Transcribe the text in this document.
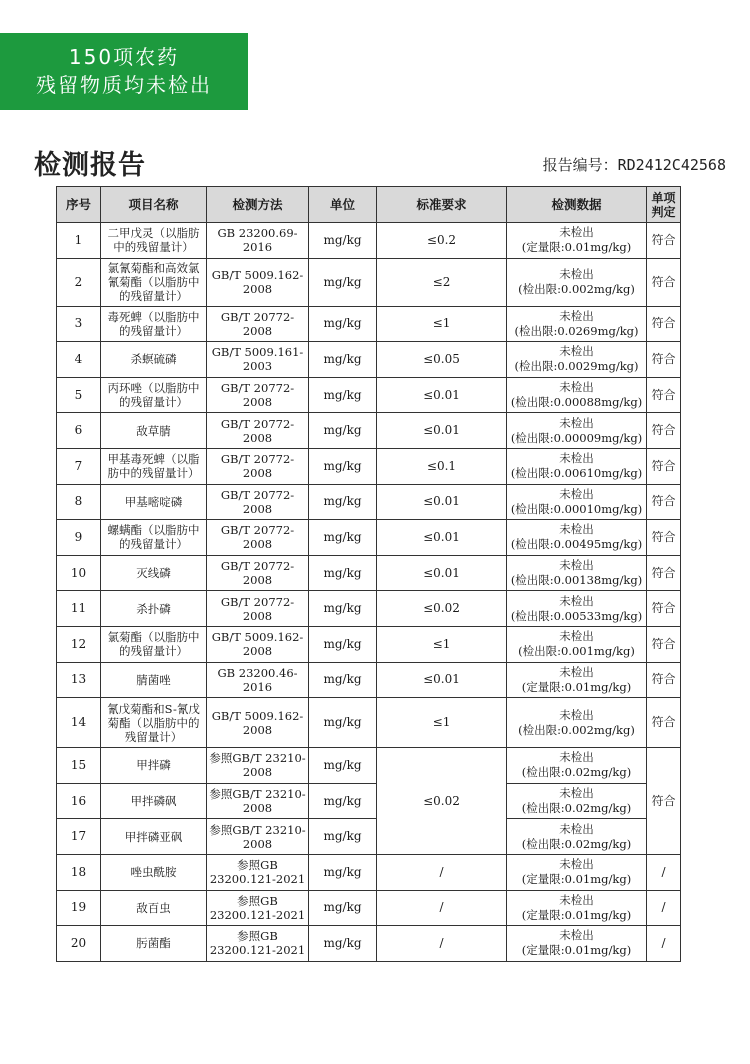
150项农药
残留物质均未检出
检测报告	报告编号：RD2412C42568
序号	项目名称	检测方法	单位	标准要求	检测数据	单项判定
1	二甲戊灵（以脂肪中的残留量计）	GB 23200.69-2016	mg/kg	≤0.2	未检出
(定量限:0.01mg/kg)	符合
2	氯氰菊酯和高效氯氰菊酯（以脂肪中的残留量计）	GB/T 5009.162-2008	mg/kg	≤2	未检出
(检出限:0.002mg/kg)	符合
3	毒死蜱（以脂肪中的残留量计）	GB/T 20772-2008	mg/kg	≤1	未检出
(检出限:0.0269mg/kg)	符合
4	杀螟硫磷	GB/T 5009.161-2003	mg/kg	≤0.05	未检出
(检出限:0.0029mg/kg)	符合
5	丙环唑（以脂肪中的残留量计）	GB/T 20772-2008	mg/kg	≤0.01	未检出
(检出限:0.00088mg/kg)	符合
6	敌草腈	GB/T 20772-2008	mg/kg	≤0.01	未检出
(检出限:0.00009mg/kg)	符合
7	甲基毒死蜱（以脂肪中的残留量计）	GB/T 20772-2008	mg/kg	≤0.1	未检出
(检出限:0.00610mg/kg)	符合
8	甲基嘧啶磷	GB/T 20772-2008	mg/kg	≤0.01	未检出
(检出限:0.00010mg/kg)	符合
9	螺螨酯（以脂肪中的残留量计）	GB/T 20772-2008	mg/kg	≤0.01	未检出
(检出限:0.00495mg/kg)	符合
10	灭线磷	GB/T 20772-2008	mg/kg	≤0.01	未检出
(检出限:0.00138mg/kg)	符合
11	杀扑磷	GB/T 20772-2008	mg/kg	≤0.02	未检出
(检出限:0.00533mg/kg)	符合
12	氯菊酯（以脂肪中的残留量计）	GB/T 5009.162-2008	mg/kg	≤1	未检出
(检出限:0.001mg/kg)	符合
13	腈菌唑	GB 23200.46-2016	mg/kg	≤0.01	未检出
(定量限:0.01mg/kg)	符合
14	氰戊菊酯和S-氰戊菊酯（以脂肪中的残留量计）	GB/T 5009.162-2008	mg/kg	≤1	未检出
(检出限:0.002mg/kg)	符合
15	甲拌磷	参照GB/T 23210-2008	mg/kg	≤0.02	未检出
(检出限:0.02mg/kg)	符合
16	甲拌磷砜	参照GB/T 23210-2008	mg/kg		未检出
(检出限:0.02mg/kg)	

17	甲拌磷亚砜	参照GB/T 23210-2008	mg/kg		未检出
(检出限:0.02mg/kg)	

18	唑虫酰胺	参照GB 23200.121-2021	mg/kg	/	未检出
(定量限:0.01mg/kg)	/
19	敌百虫	参照GB 23200.121-2021	mg/kg	/	未检出
(定量限:0.01mg/kg)	/
20	肟菌酯	参照GB 23200.121-2021	mg/kg	/	未检出
(定量限:0.01mg/kg)	/
